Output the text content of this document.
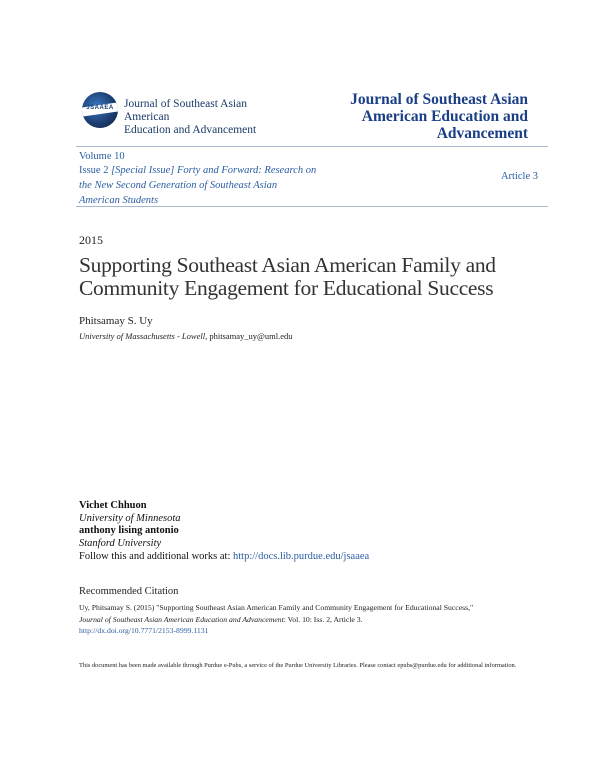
JSAAEA Journal of Southeast Asian American
Education and Advancement
Journal of Southeast Asian American Education and Advancement
Volume 10
Issue 2 [Special Issue] Forty and Forward: Research on the New Second Generation of Southeast Asian American Students
Article 3
2015
Supporting Southeast Asian American Family and Community Engagement for Educational Success
Phitsamay S. Uy
University of Massachusetts - Lowell, phitsamay_uy@uml.edu
Vichet Chhuon
University of Minnesota
anthony lising antonio
Stanford University
Follow this and additional works at: http://docs.lib.purdue.edu/jsaaea
Recommended Citation
Uy, Phitsamay S. (2015) "Supporting Southeast Asian American Family and Community Engagement for Educational Success,"
Journal of Southeast Asian American Education and Advancement: Vol. 10: Iss. 2, Article 3.
http://dx.doi.org/10.7771/2153-8999.1131
This document has been made available through Purdue e-Pubs, a service of the Purdue University Libraries. Please contact epubs@purdue.edu for additional information.
